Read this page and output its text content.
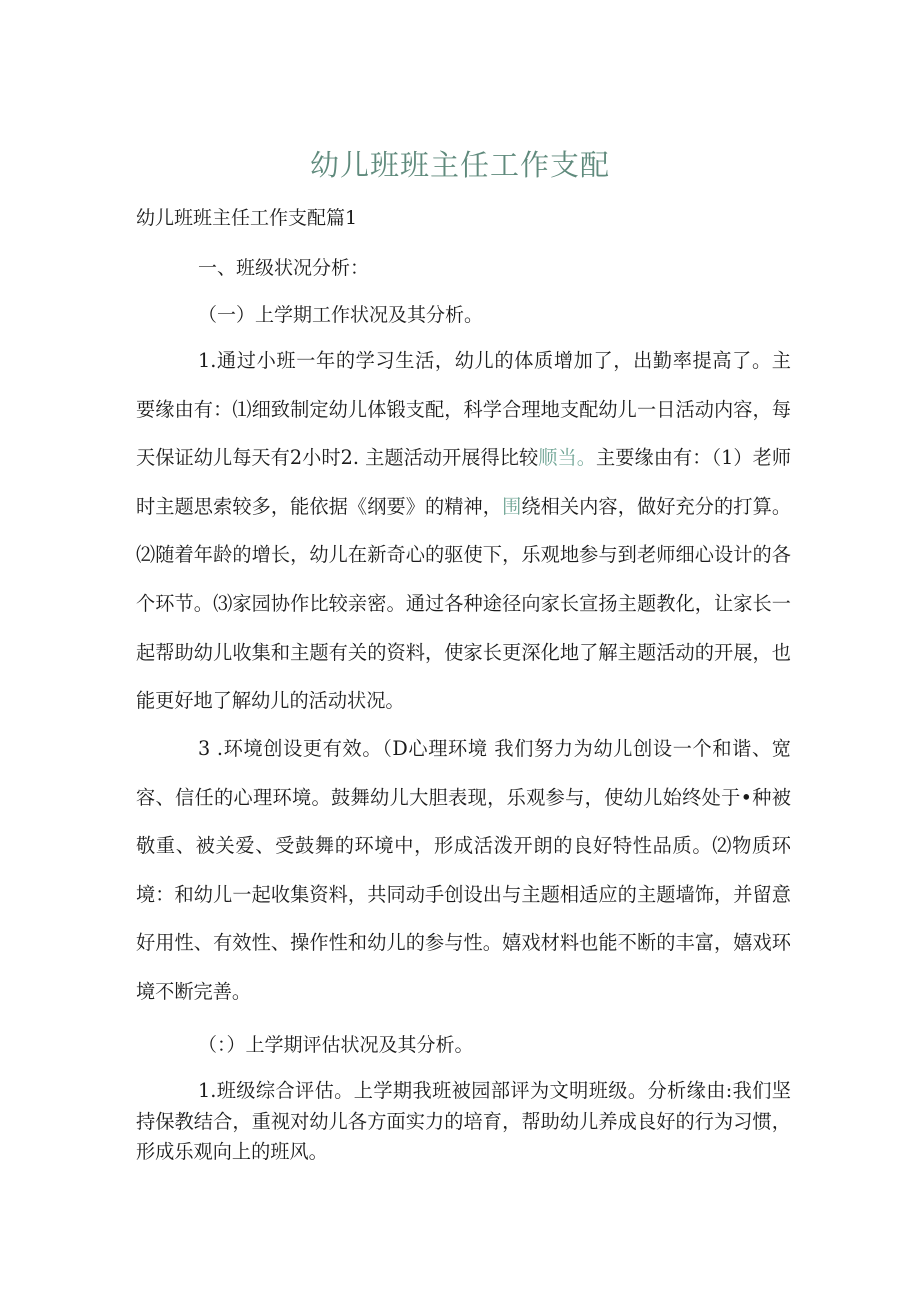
幼儿班班主任工作支配
幼儿班班主任工作支配篇1
一、班级状况分析：
（一）上学期工作状况及其分析。

1.通过小班一年的学习生活，幼儿的体质增加了，出勤率提高了。主要缘由有：⑴细致制定幼儿体锻支配，科学合理地支配幼儿一日活动内容，每天保证幼儿每天有2小时2. 主题活动开展得比较顺当。主要缘由有：（1）老师时主题思索较多，能依据《纲要》的精神，围绕相关内容，做好充分的打算。⑵随着年龄的增长，幼儿在新奇心的驱使下，乐观地参与到老师细心设计的各个环节。⑶家园协作比较亲密。通过各种途径向家长宣扬主题教化，让家长一起帮助幼儿收集和主题有关的资料，使家长更深化地了解主题活动的开展，也能更好地了解幼儿的活动状况。

3 .环境创设更有效。（D心理环境 我们努力为幼儿创设一个和谐、宽容、信任的心理环境。鼓舞幼儿大胆表现，乐观参与，使幼儿始终处于•种被敬重、被关爱、受鼓舞的环境中，形成活泼开朗的良好特性品质。⑵物质环境：和幼儿一起收集资料，共同动手创设出与主题相适应的主题墙饰，并留意好用性、有效性、操作性和幼儿的参与性。嬉戏材料也能不断的丰富，嬉戏环境不断完善。

（：）上学期评估状况及其分析。

1.班级综合评估。上学期我班被园部评为文明班级。分析缘由:我们坚持保教结合，重视对幼儿各方面实力的培育，帮助幼儿养成良好的行为习惯，形成乐观向上的班风。
